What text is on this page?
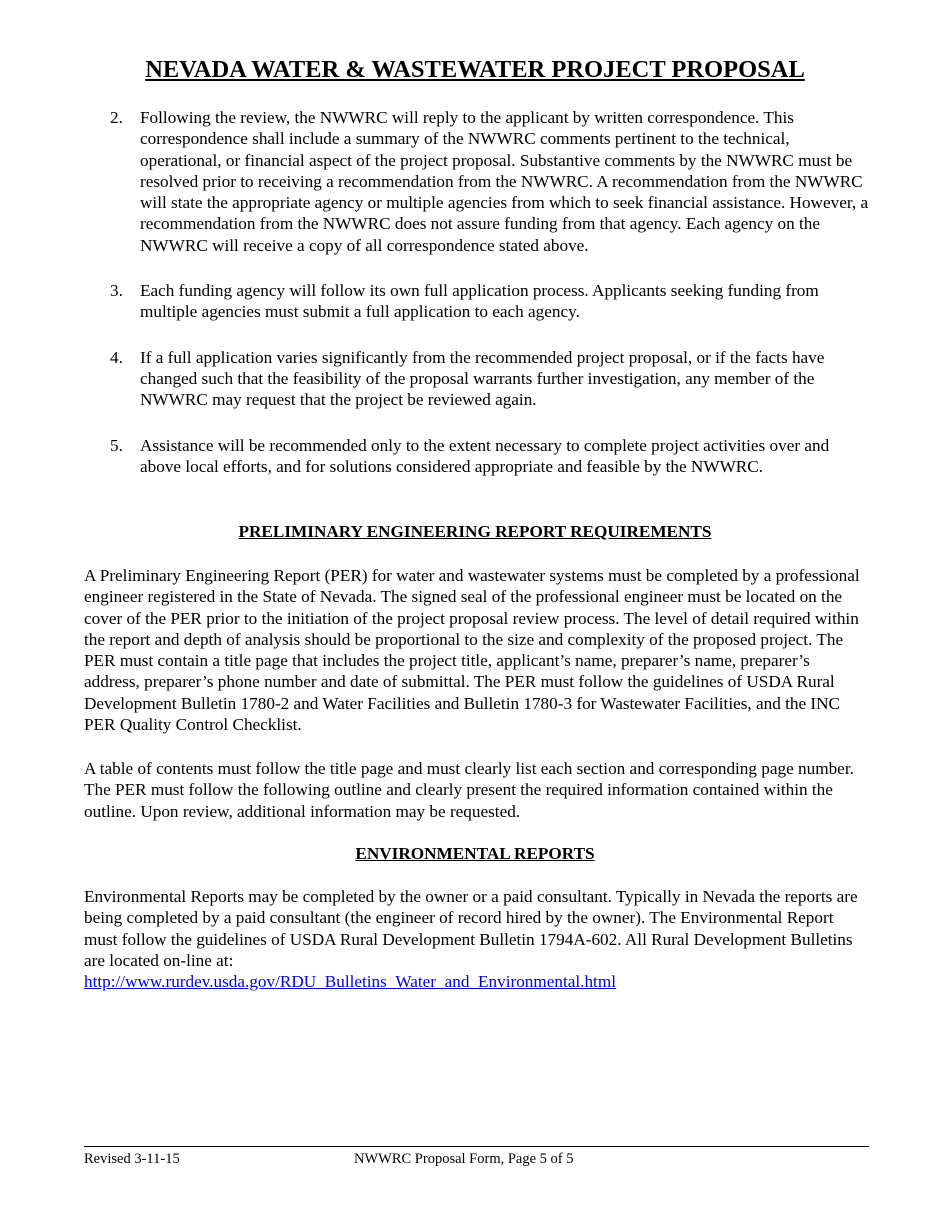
NEVADA WATER & WASTEWATER PROJECT PROPOSAL
2. Following the review, the NWWRC will reply to the applicant by written correspondence. This correspondence shall include a summary of the NWWRC comments pertinent to the technical, operational, or financial aspect of the project proposal. Substantive comments by the NWWRC must be resolved prior to receiving a recommendation from the NWWRC. A recommendation from the NWWRC will state the appropriate agency or multiple agencies from which to seek financial assistance. However, a recommendation from the NWWRC does not assure funding from that agency. Each agency on the NWWRC will receive a copy of all correspondence stated above.
3. Each funding agency will follow its own full application process. Applicants seeking funding from multiple agencies must submit a full application to each agency.
4. If a full application varies significantly from the recommended project proposal, or if the facts have changed such that the feasibility of the proposal warrants further investigation, any member of the NWWRC may request that the project be reviewed again.
5. Assistance will be recommended only to the extent necessary to complete project activities over and above local efforts, and for solutions considered appropriate and feasible by the NWWRC.
PRELIMINARY ENGINEERING REPORT REQUIREMENTS

A Preliminary Engineering Report (PER) for water and wastewater systems must be completed by a professional engineer registered in the State of Nevada. The signed seal of the professional engineer must be located on the cover of the PER prior to the initiation of the project proposal review process. The level of detail required within the report and depth of analysis should be proportional to the size and complexity of the proposed project. The PER must contain a title page that includes the project title, applicant’s name, preparer’s name, preparer’s address, preparer’s phone number and date of submittal. The PER must follow the guidelines of USDA Rural Development Bulletin 1780-2 and Water Facilities and Bulletin 1780-3 for Wastewater Facilities, and the INC PER Quality Control Checklist.

A table of contents must follow the title page and must clearly list each section and corresponding page number. The PER must follow the following outline and clearly present the required information contained within the outline. Upon review, additional information may be requested.

ENVIRONMENTAL REPORTS

Environmental Reports may be completed by the owner or a paid consultant. Typically in Nevada the reports are being completed by a paid consultant (the engineer of record hired by the owner). The Environmental Report must follow the guidelines of USDA Rural Development Bulletin 1794A-602. All Rural Development Bulletins are located on-line at:
http://www.rurdev.usda.gov/RDU_Bulletins_Water_and_Environmental.html

Revised 3-11-15	NWWRC Proposal Form, Page 5 of 5
